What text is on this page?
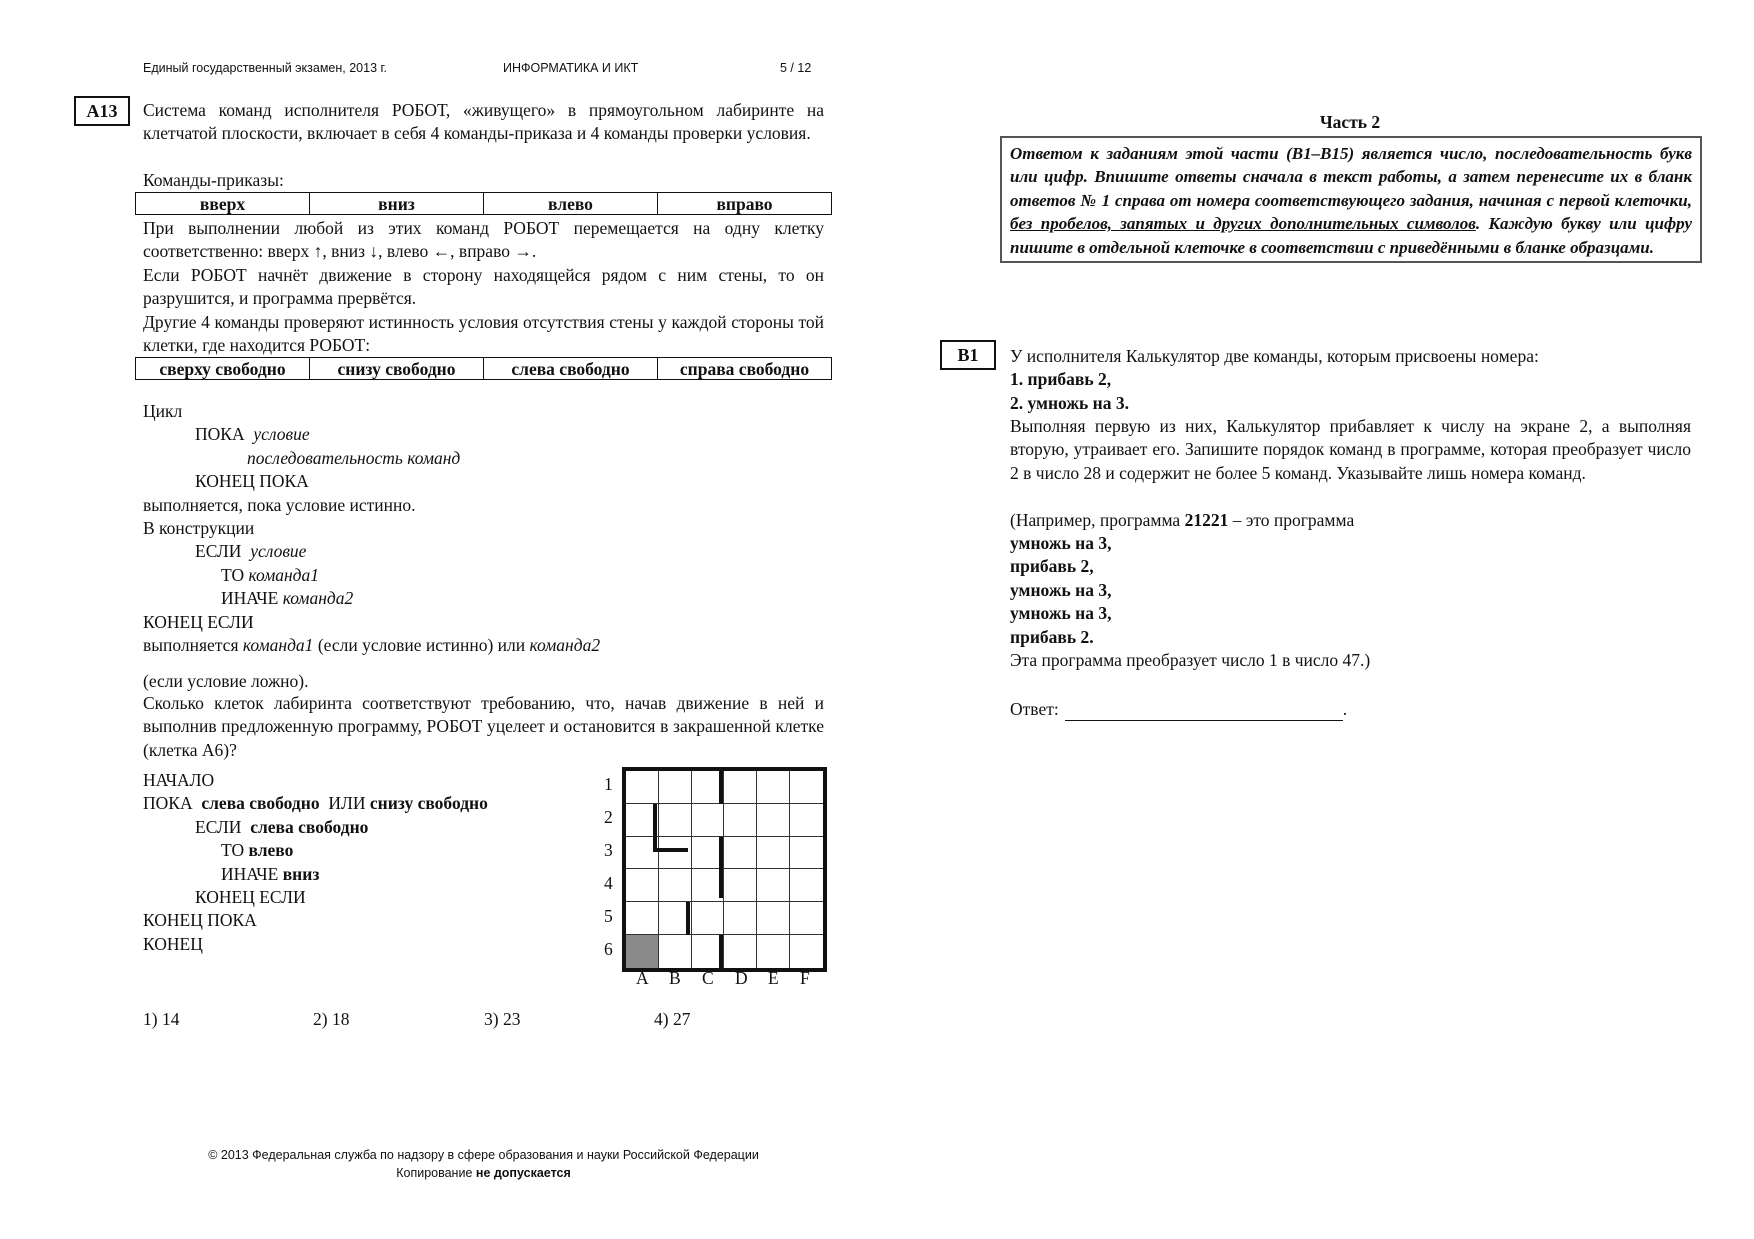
Единый государственный экзамен, 2013 г.	ИНФОРМАТИКА И ИКТ	5 / 12
А13	Система команд исполнителя РОБОТ, «живущего» в прямоугольном лабиринте на клетчатой плоскости, включает в себя 4 команды-приказа и 4 команды проверки условия.
Команды-приказы:
вверх	вниз	влево	вправо
При выполнении любой из этих команд РОБОТ перемещается на одну клетку соответственно: вверх ↑, вниз ↓, влево ←, вправо →.
Если РОБОТ начнёт движение в сторону находящейся рядом с ним стены, то он разрушится, и программа прервётся.
Другие 4 команды проверяют истинность условия отсутствия стены у каждой стороны той клетки, где находится РОБОТ:
сверху свободно	снизу свободно	слева свободно	справа свободно
Цикл
ПОКА условие
последовательность команд
КОНЕЦ ПОКА
выполняется, пока условие истинно.
В конструкции
ЕСЛИ условие
ТО команда1
ИНАЧЕ команда2
КОНЕЦ ЕСЛИ
выполняется команда1 (если условие истинно) или команда2
(если условие ложно).
Сколько клеток лабиринта соответствуют требованию, что, начав движение в ней и выполнив предложенную программу, РОБОТ уцелеет и остановится в закрашенной клетке (клетка А6)?
НАЧАЛО
ПОКА слева свободно ИЛИ снизу свободно
ЕСЛИ слева свободно
ТО влево
ИНАЧЕ вниз
КОНЕЦ ЕСЛИ
КОНЕЦ ПОКА
КОНЕЦ
1
2
3
4
5
6
A B C D E F
1) 14	2) 18	3) 23	4) 27
Часть 2
Ответом к заданиям этой части (B1–B15) является число, последовательность букв или цифр. Впишите ответы сначала в текст работы, а затем перенесите их в бланк ответов № 1 справа от номера соответствующего задания, начиная с первой клеточки, без пробелов, запятых и других дополнительных символов. Каждую букву или цифру пишите в отдельной клеточке в соответствии с приведёнными в бланке образцами.
B1	У исполнителя Калькулятор две команды, которым присвоены номера:
1. прибавь 2,
2. умножь на 3.
Выполняя первую из них, Калькулятор прибавляет к числу на экране 2, а выполняя вторую, утраивает его. Запишите порядок команд в программе, которая преобразует число 2 в число 28 и содержит не более 5 команд. Указывайте лишь номера команд.
(Например, программа 21221 – это программа
умножь на 3,
прибавь 2,
умножь на 3,
умножь на 3,
прибавь 2.
Эта программа преобразует число 1 в число 47.)
Ответ:	.
© 2013 Федеральная служба по надзору в сфере образования и науки Российской Федерации
Копирование не допускается
